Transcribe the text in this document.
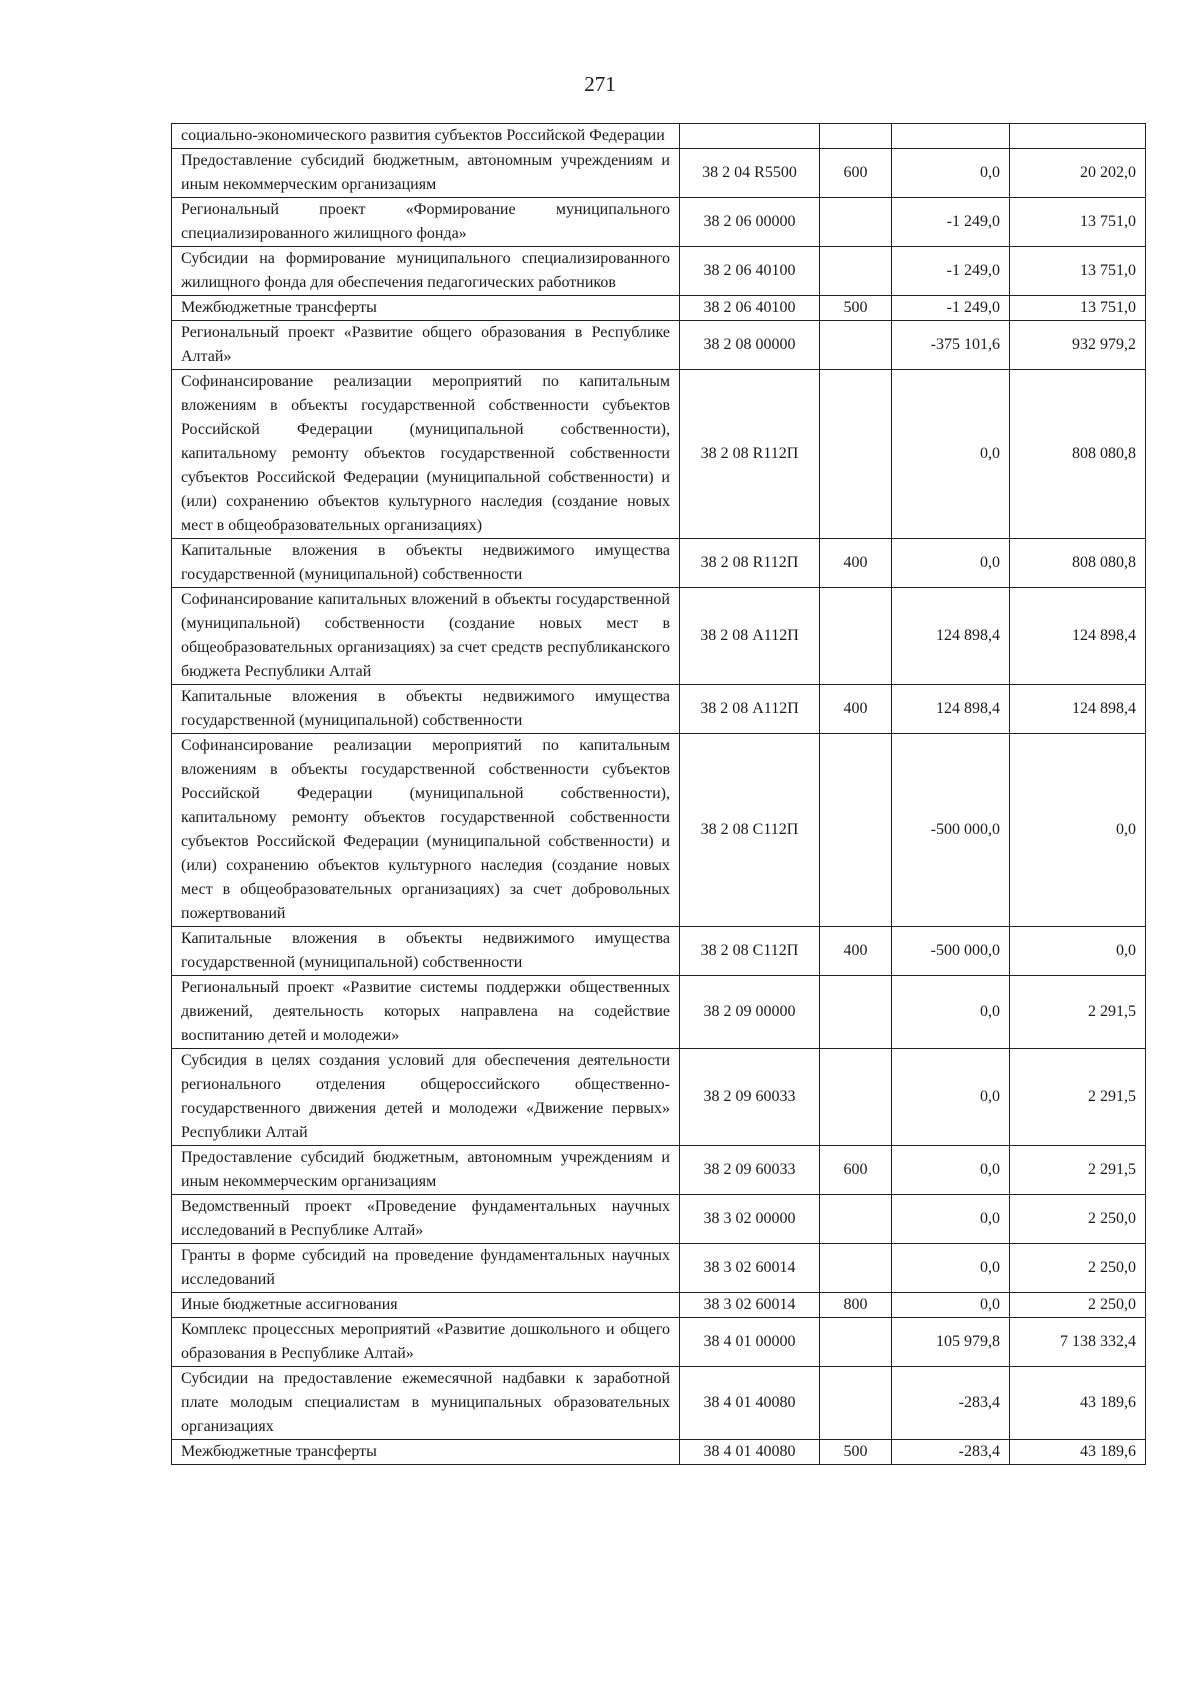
271
социально-экономического развития субъектов Российской Федерации				
Предоставление субсидий бюджетным, автономным учреждениям и иным некоммерческим организациям	38 2 04 R5500	600	0,0	20 202,0
Региональный проект «Формирование муниципального специализированного жилищного фонда»	38 2 06 00000		-1 249,0	13 751,0
Субсидии на формирование муниципального специализированного жилищного фонда для обеспечения педагогических работников	38 2 06 40100		-1 249,0	13 751,0
Межбюджетные трансферты	38 2 06 40100	500	-1 249,0	13 751,0
Региональный проект «Развитие общего образования в Республике Алтай»	38 2 08 00000		-375 101,6	932 979,2
Софинансирование реализации мероприятий по капитальным вложениям в объекты государственной собственности субъектов Российской Федерации (муниципальной собственности), капитальному ремонту объектов государственной собственности субъектов Российской Федерации (муниципальной собственности) и (или) сохранению объектов культурного наследия (создание новых мест в общеобразовательных организациях)	38 2 08 R112П		0,0	808 080,8
Капитальные вложения в объекты недвижимого имущества государственной (муниципальной) собственности	38 2 08 R112П	400	0,0	808 080,8
Софинансирование капитальных вложений в объекты государственной (муниципальной) собственности (создание новых мест в общеобразовательных организациях) за счет средств республиканского бюджета Республики Алтай	38 2 08 А112П		124 898,4	124 898,4
Капитальные вложения в объекты недвижимого имущества государственной (муниципальной) собственности	38 2 08 А112П	400	124 898,4	124 898,4
Софинансирование реализации мероприятий по капитальным вложениям в объекты государственной собственности субъектов Российской Федерации (муниципальной собственности), капитальному ремонту объектов государственной собственности субъектов Российской Федерации (муниципальной собственности) и (или) сохранению объектов культурного наследия (создание новых мест в общеобразовательных организациях) за счет добровольных пожертвований	38 2 08 С112П		-500 000,0	0,0
Капитальные вложения в объекты недвижимого имущества государственной (муниципальной) собственности	38 2 08 С112П	400	-500 000,0	0,0
Региональный проект «Развитие системы поддержки общественных движений, деятельность которых направлена на содействие воспитанию детей и молодежи»	38 2 09 00000		0,0	2 291,5
Субсидия в целях создания условий для обеспечения деятельности регионального отделения общероссийского общественно-государственного движения детей и молодежи «Движение первых» Республики Алтай	38 2 09 60033		0,0	2 291,5
Предоставление субсидий бюджетным, автономным учреждениям и иным некоммерческим организациям	38 2 09 60033	600	0,0	2 291,5
Ведомственный проект «Проведение фундаментальных научных исследований в Республике Алтай»	38 3 02 00000		0,0	2 250,0
Гранты в форме субсидий на проведение фундаментальных научных исследований	38 3 02 60014		0,0	2 250,0
Иные бюджетные ассигнования	38 3 02 60014	800	0,0	2 250,0
Комплекс процессных мероприятий «Развитие дошкольного и общего образования в Республике Алтай»	38 4 01 00000		105 979,8	7 138 332,4
Субсидии на предоставление ежемесячной надбавки к заработной плате молодым специалистам в муниципальных образовательных организациях	38 4 01 40080		-283,4	43 189,6
Межбюджетные трансферты	38 4 01 40080	500	-283,4	43 189,6
